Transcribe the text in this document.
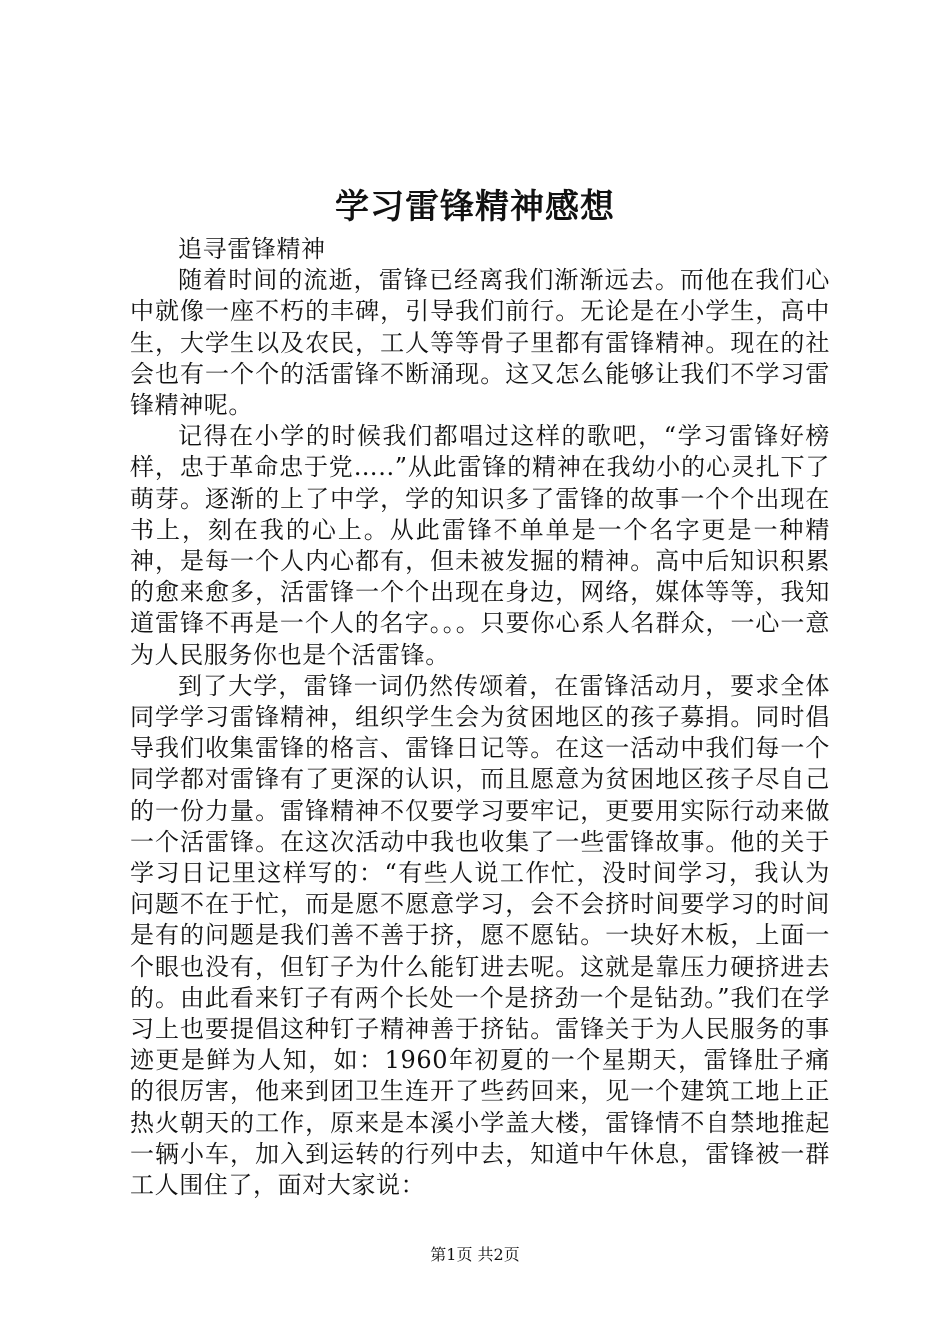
学习雷锋精神感想

追寻雷锋精神

随着时间的流逝，雷锋已经离我们渐渐远去。而他在我们心中就像一座不朽的丰碑，引导我们前行。无论是在小学生，高中生，大学生以及农民，工人等等骨子里都有雷锋精神。现在的社会也有一个个的活雷锋不断涌现。这又怎么能够让我们不学习雷锋精神呢。

记得在小学的时候我们都唱过这样的歌吧，“学习雷锋好榜样，忠于革命忠于党…..”从此雷锋的精神在我幼小的心灵扎下了萌芽。逐渐的上了中学，学的知识多了雷锋的故事一个个出现在书上，刻在我的心上。从此雷锋不单单是一个名字更是一种精神，是每一个人内心都有，但未被发掘的精神。高中后知识积累的愈来愈多，活雷锋一个个出现在身边，网络，媒体等等，我知道雷锋不再是一个人的名字。。。只要你心系人名群众，一心一意为人民服务你也是个活雷锋。

到了大学，雷锋一词仍然传颂着，在雷锋活动月，要求全体同学学习雷锋精神，组织学生会为贫困地区的孩子募捐。同时倡导我们收集雷锋的格言、雷锋日记等。在这一活动中我们每一个同学都对雷锋有了更深的认识，而且愿意为贫困地区孩子尽自己的一份力量。雷锋精神不仅要学习要牢记，更要用实际行动来做一个活雷锋。在这次活动中我也收集了一些雷锋故事。他的关于学习日记里这样写的：“有些人说工作忙，没时间学习，我认为问题不在于忙，而是愿不愿意学习，会不会挤时间要学习的时间是有的问题是我们善不善于挤，愿不愿钻。一块好木板，上面一个眼也没有，但钉子为什么能钉进去呢。这就是靠压力硬挤进去的。由此看来钉子有两个长处一个是挤劲一个是钻劲。”我们在学习上也要提倡这种钉子精神善于挤钻。雷锋关于为人民服务的事迹更是鲜为人知，如：1960年初夏的一个星期天，雷锋肚子痛的很厉害，他来到团卫生连开了些药回来，见一个建筑工地上正热火朝天的工作，原来是本溪小学盖大楼，雷锋情不自禁地推起一辆小车，加入到运转的行列中去，知道中午休息，雷锋被一群工人围住了，面对大家说：

第1页 共2页
